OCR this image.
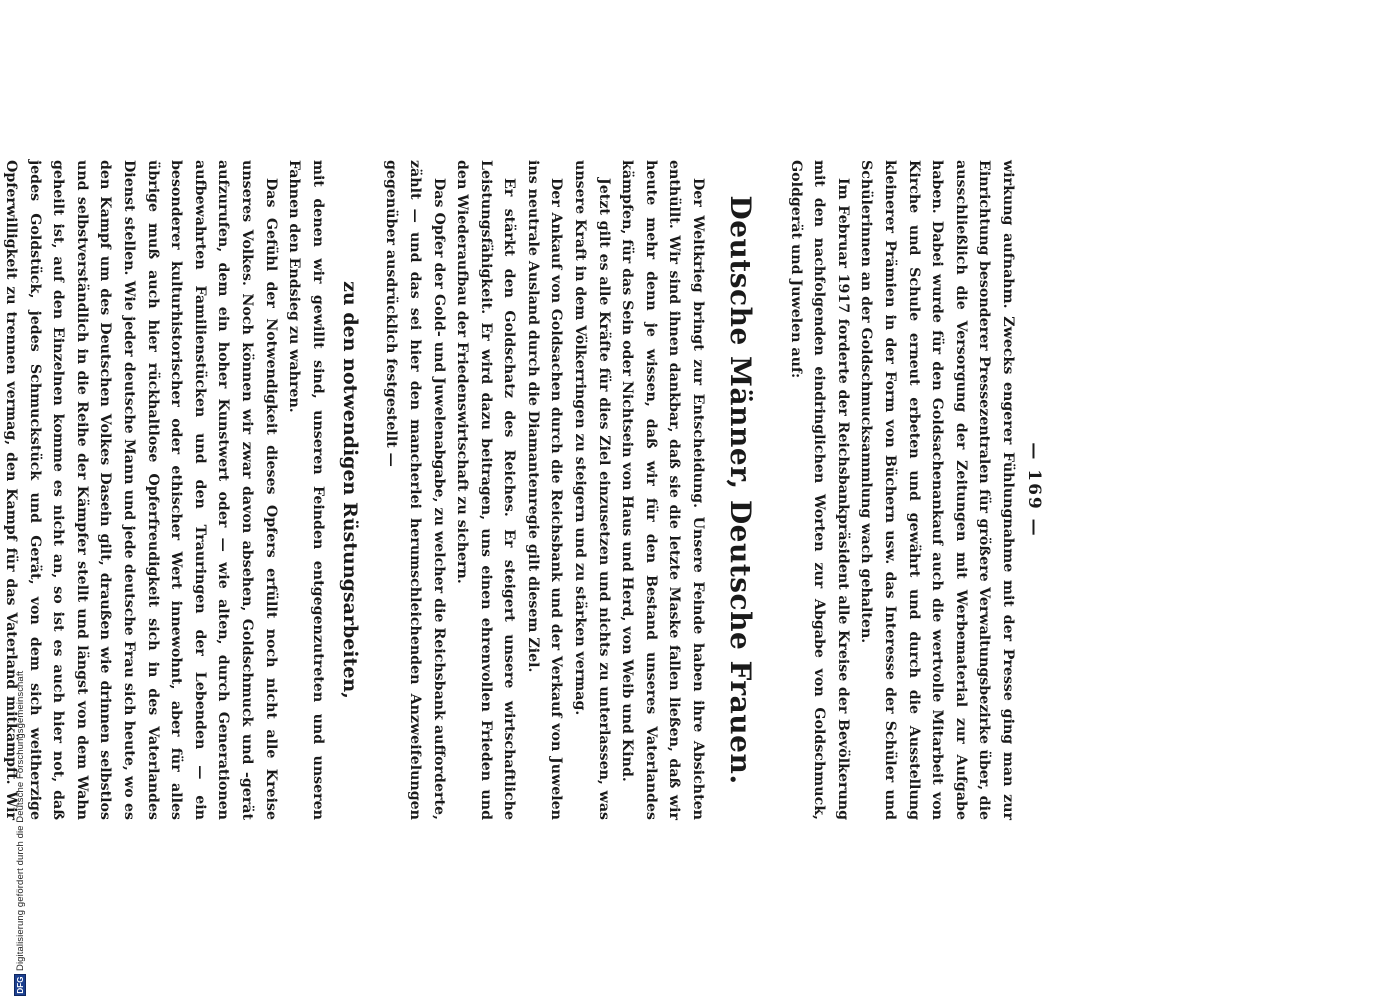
DFG
Digitalisierung gefördert durch die Deutsche Forschungsgemeinschaft
— 169 —

wirkung aufnahm. Zwecks engerer Fühlungnahme mit der Presse ging man zur Einrichtung besonderer Pressezentralen für größere Verwaltungsbezirke über, die ausschließlich die Versorgung der Zeitungen mit Werbematerial zur Aufgabe haben. Dabei wurde für den Goldsachenankauf auch die wertvolle Mitarbeit von Kirche und Schule erneut erbeten und gewährt und durch die Ausstellung kleinerer Prämien in der Form von Büchern usw. das Interesse der Schüler und Schülerinnen an der Goldschmucksammlung wach gehalten.

Im Februar 1917 forderte der Reichsbankpräsident alle Kreise der Bevölkerung mit den nachfolgenden eindringlichen Worten zur Abgabe von Goldschmuck, Goldgerät und Juwelen auf:

Deutsche Männer, Deutsche Frauen.

Der Weltkrieg bringt zur Entscheidung. Unsere Feinde haben ihre Absichten enthüllt. Wir sind ihnen dankbar, daß sie die letzte Maske fallen ließen, daß wir heute mehr denn je wissen, daß wir für den Bestand unseres Vaterlandes kämpfen, für das Sein oder Nichtsein von Haus und Herd, von Weib und Kind.

Jetzt gilt es alle Kräfte für dies Ziel einzusetzen und nichts zu unterlassen, was unsere Kraft in dem Völkerringen zu steigern und zu stärken vermag.

Der Ankauf von Goldsachen durch die Reichsbank und der Verkauf von Juwelen ins neutrale Ausland durch die Diamantenregie gilt diesem Ziel.

Er stärkt den Goldschatz des Reiches. Er steigert unsere wirtschaftliche Leistungsfähigkeit. Er wird dazu beitragen, uns einen ehrenvollen Frieden und den Wiederaufbau der Friedenswirtschaft zu sichern.

Das Opfer der Gold- und Juwelenabgabe, zu welcher die Reichsbank aufforderte, zählt — und das sei hier den mancherlei herumschleichenden Anzweifelungen gegenüber ausdrücklich festgestellt —

zu den notwendigen Rüstungsarbeiten,

mit denen wir gewillt sind, unseren Feinden entgegenzutreten und unseren Fahnen den Endsieg zu wahren.

Das Gefühl der Notwendigkeit dieses Opfers erfüllt noch nicht alle Kreise unseres Volkes. Noch können wir zwar davon absehen, Goldschmuck und -gerät aufzurufen, dem ein hoher Kunstwert oder — wie alten, durch Generationen aufbewahrten Familienstücken und den Trauringen der Lebenden — ein besonderer kulturhistorischer oder ethischer Wert innewohnt, aber für alles übrige muß auch hier rückhaltlose Opferfreudigkeit sich in des Vaterlandes Dienst stellen. Wie jeder deutsche Mann und jede deutsche Frau sich heute, wo es den Kampf um des Deutschen Volkes Dasein gilt, draußen wie drinnen selbstlos und selbstverständlich in die Reihe der Kämpfer stellt und längst von dem Wahn geheilt ist, auf den Einzelnen komme es nicht an, so ist es auch hier not, daß jedes Goldstück, jedes Schmuckstück und Gerät, von dem sich weitherzige Opferwilligkeit zu trennen vermag, den Kampf für das Vaterland mitkämpft. Wir
